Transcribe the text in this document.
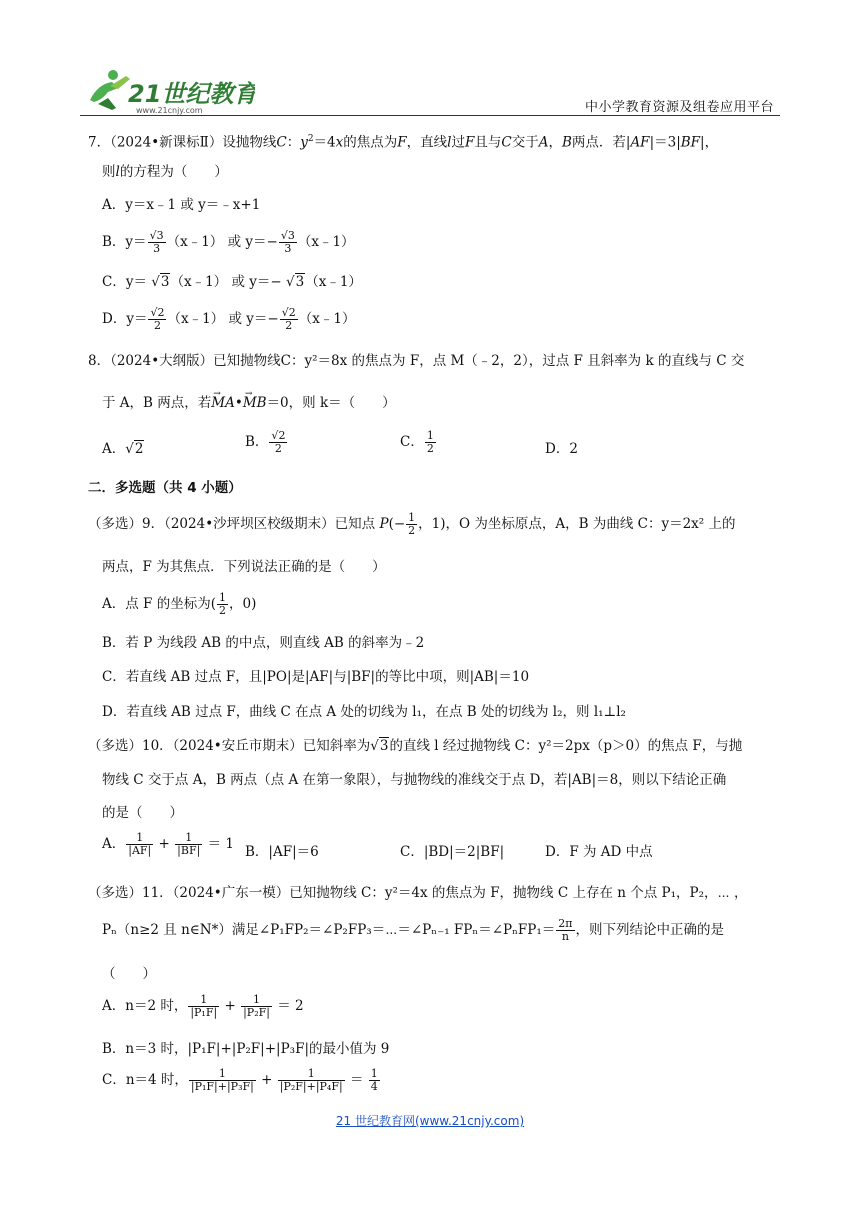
21世纪教育
www.21cnjy.com	中小学教育资源及组卷应用平台
7．（2024•新课标Ⅱ）设抛物线C：$y^2=4x$的焦点为F，直线l过F且与C交于A，B两点．若|AF|＝3|BF|，
则l的方程为（　　）
A．y＝x﹣1 或 y＝﹣x+1
B．$y= \frac{√3}{3}$ （x﹣1） 或 $y=- \frac{√3}{3}$ （x﹣1）
C．y＝ √3（x﹣1） 或 y＝− √3（x﹣1）
D．$y= \frac{√2}{2}$ （x﹣1） 或 $y=- \frac{√2}{2}$ （x﹣1）
8．（2024•大纲版）已知抛物线C：y²＝8x 的焦点为 F，点 M（﹣2，2），过点 F 且斜率为 k 的直线与 C 交
于 A，B 两点，若→ MA•→ MB＝0，则 k＝（　　）
A．√2	B． $\frac{√2}{2}$	C． $\frac{1}{2}$	D．2
二．多选题（共 4 小题）
（多选）9．（2024•沙坪坝区校级期末）已知点 $P(- \frac{1}{2}$ ，1)，O 为坐标原点，A，B 为曲线 C：y＝2x² 上的
两点，F 为其焦点．下列说法正确的是（　　）
A．点 F 的坐标为( $\frac{1}{2}$ ，0)
B．若 P 为线段 AB 的中点，则直线 AB 的斜率为﹣2
C．若直线 AB 过点 F，且|PO|是|AF|与|BF|的等比中项，则|AB|＝10
D．若直线 AB 过点 F，曲线 C 在点 A 处的切线为 l₁，在点 B 处的切线为 l₂，则 l₁⊥l₂
（多选）10．（2024•安丘市期末）已知斜率为√3的直线 l 经过抛物线 C：y²＝2px（p＞0）的焦点 F，与抛
物线 C 交于点 A，B 两点（点 A 在第一象限），与抛物线的准线交于点 D，若|AB|＝8，则以下结论正确
的是（　　）
A． $\frac{1}{|AF|} + \frac{1}{|BF|} = 1$ B．|AF|＝6	C．|BD|＝2|BF|	D．F 为 AD 中点
（多选）11．（2024•广东一模）已知抛物线 C：y²＝4x 的焦点为 F，抛物线 C 上存在 n 个点 P₁，P₂，⋯ ，
Pₙ（n≥2 且 n∈N*）满足∠P₁FP₂＝∠P₂FP₃＝⋯＝∠Pₙ₋₁ FPₙ＝∠PₙFP₁＝ $\frac{2\pi}{n}$ ，则下列结论中正确的是
（　　）
A．n＝2 时， $\frac{1}{\text{|P₁F|}} + \frac{1}{\text{|P₂F|}} = 2$
B．n＝3 时，|P₁F|+|P₂F|+|P₃F|的最小值为 9
C．n＝4 时， $\frac{1}{\text{|P₁F|+|P₃F|}} + \frac{1}{\text{|P₂F|+|P₄F|}} = \frac{1}{4}$
21 世纪教育网(www.21cnjy.com)
